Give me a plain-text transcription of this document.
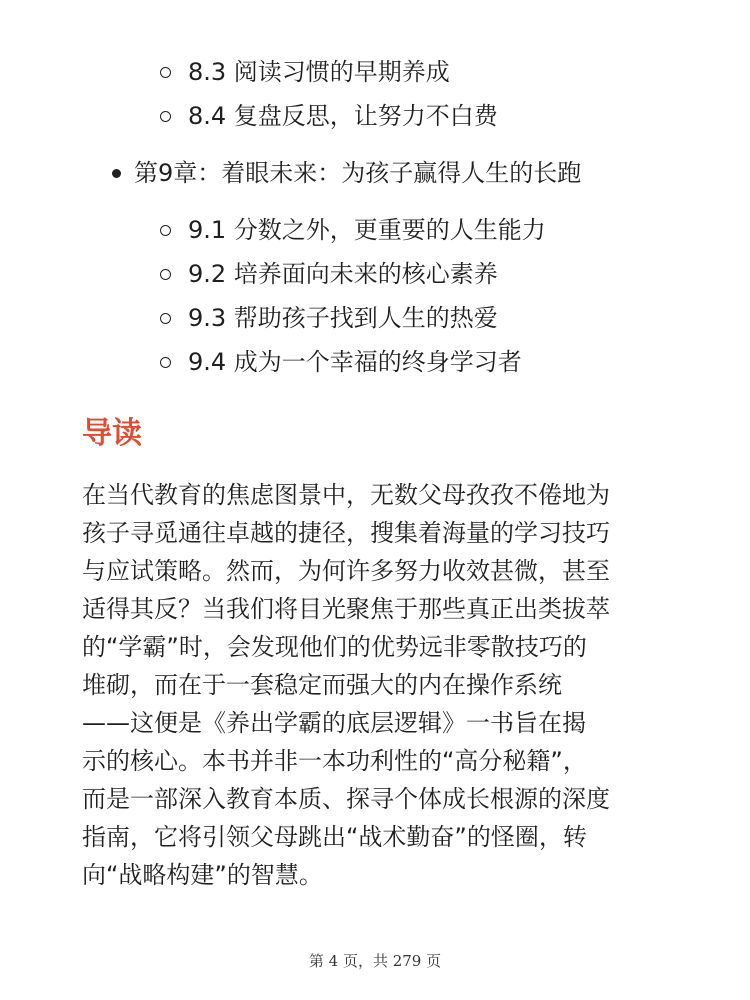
8.3 阅读习惯的早期养成
8.4 复盘反思，让努力不白费
第9章：着眼未来：为孩子赢得人生的长跑
9.1 分数之外，更重要的人生能力
9.2 培养面向未来的核心素养
9.3 帮助孩子找到人生的热爱
9.4 成为一个幸福的终身学习者
导读
在当代教育的焦虑图景中，无数父母孜孜不倦地为
孩子寻觅通往卓越的捷径，搜集着海量的学习技巧
与应试策略。然而，为何许多努力收效甚微，甚至
适得其反？当我们将目光聚焦于那些真正出类拔萃
的“学霸”时，会发现他们的优势远非零散技巧的
堆砌，而在于一套稳定而强大的内在操作系统
——这便是《养出学霸的底层逻辑》一书旨在揭
示的核心。本书并非一本功利性的“高分秘籍”，
而是一部深入教育本质、探寻个体成长根源的深度
指南，它将引领父母跳出“战术勤奋”的怪圈，转
向“战略构建”的智慧。
第 4 页，共 279 页
